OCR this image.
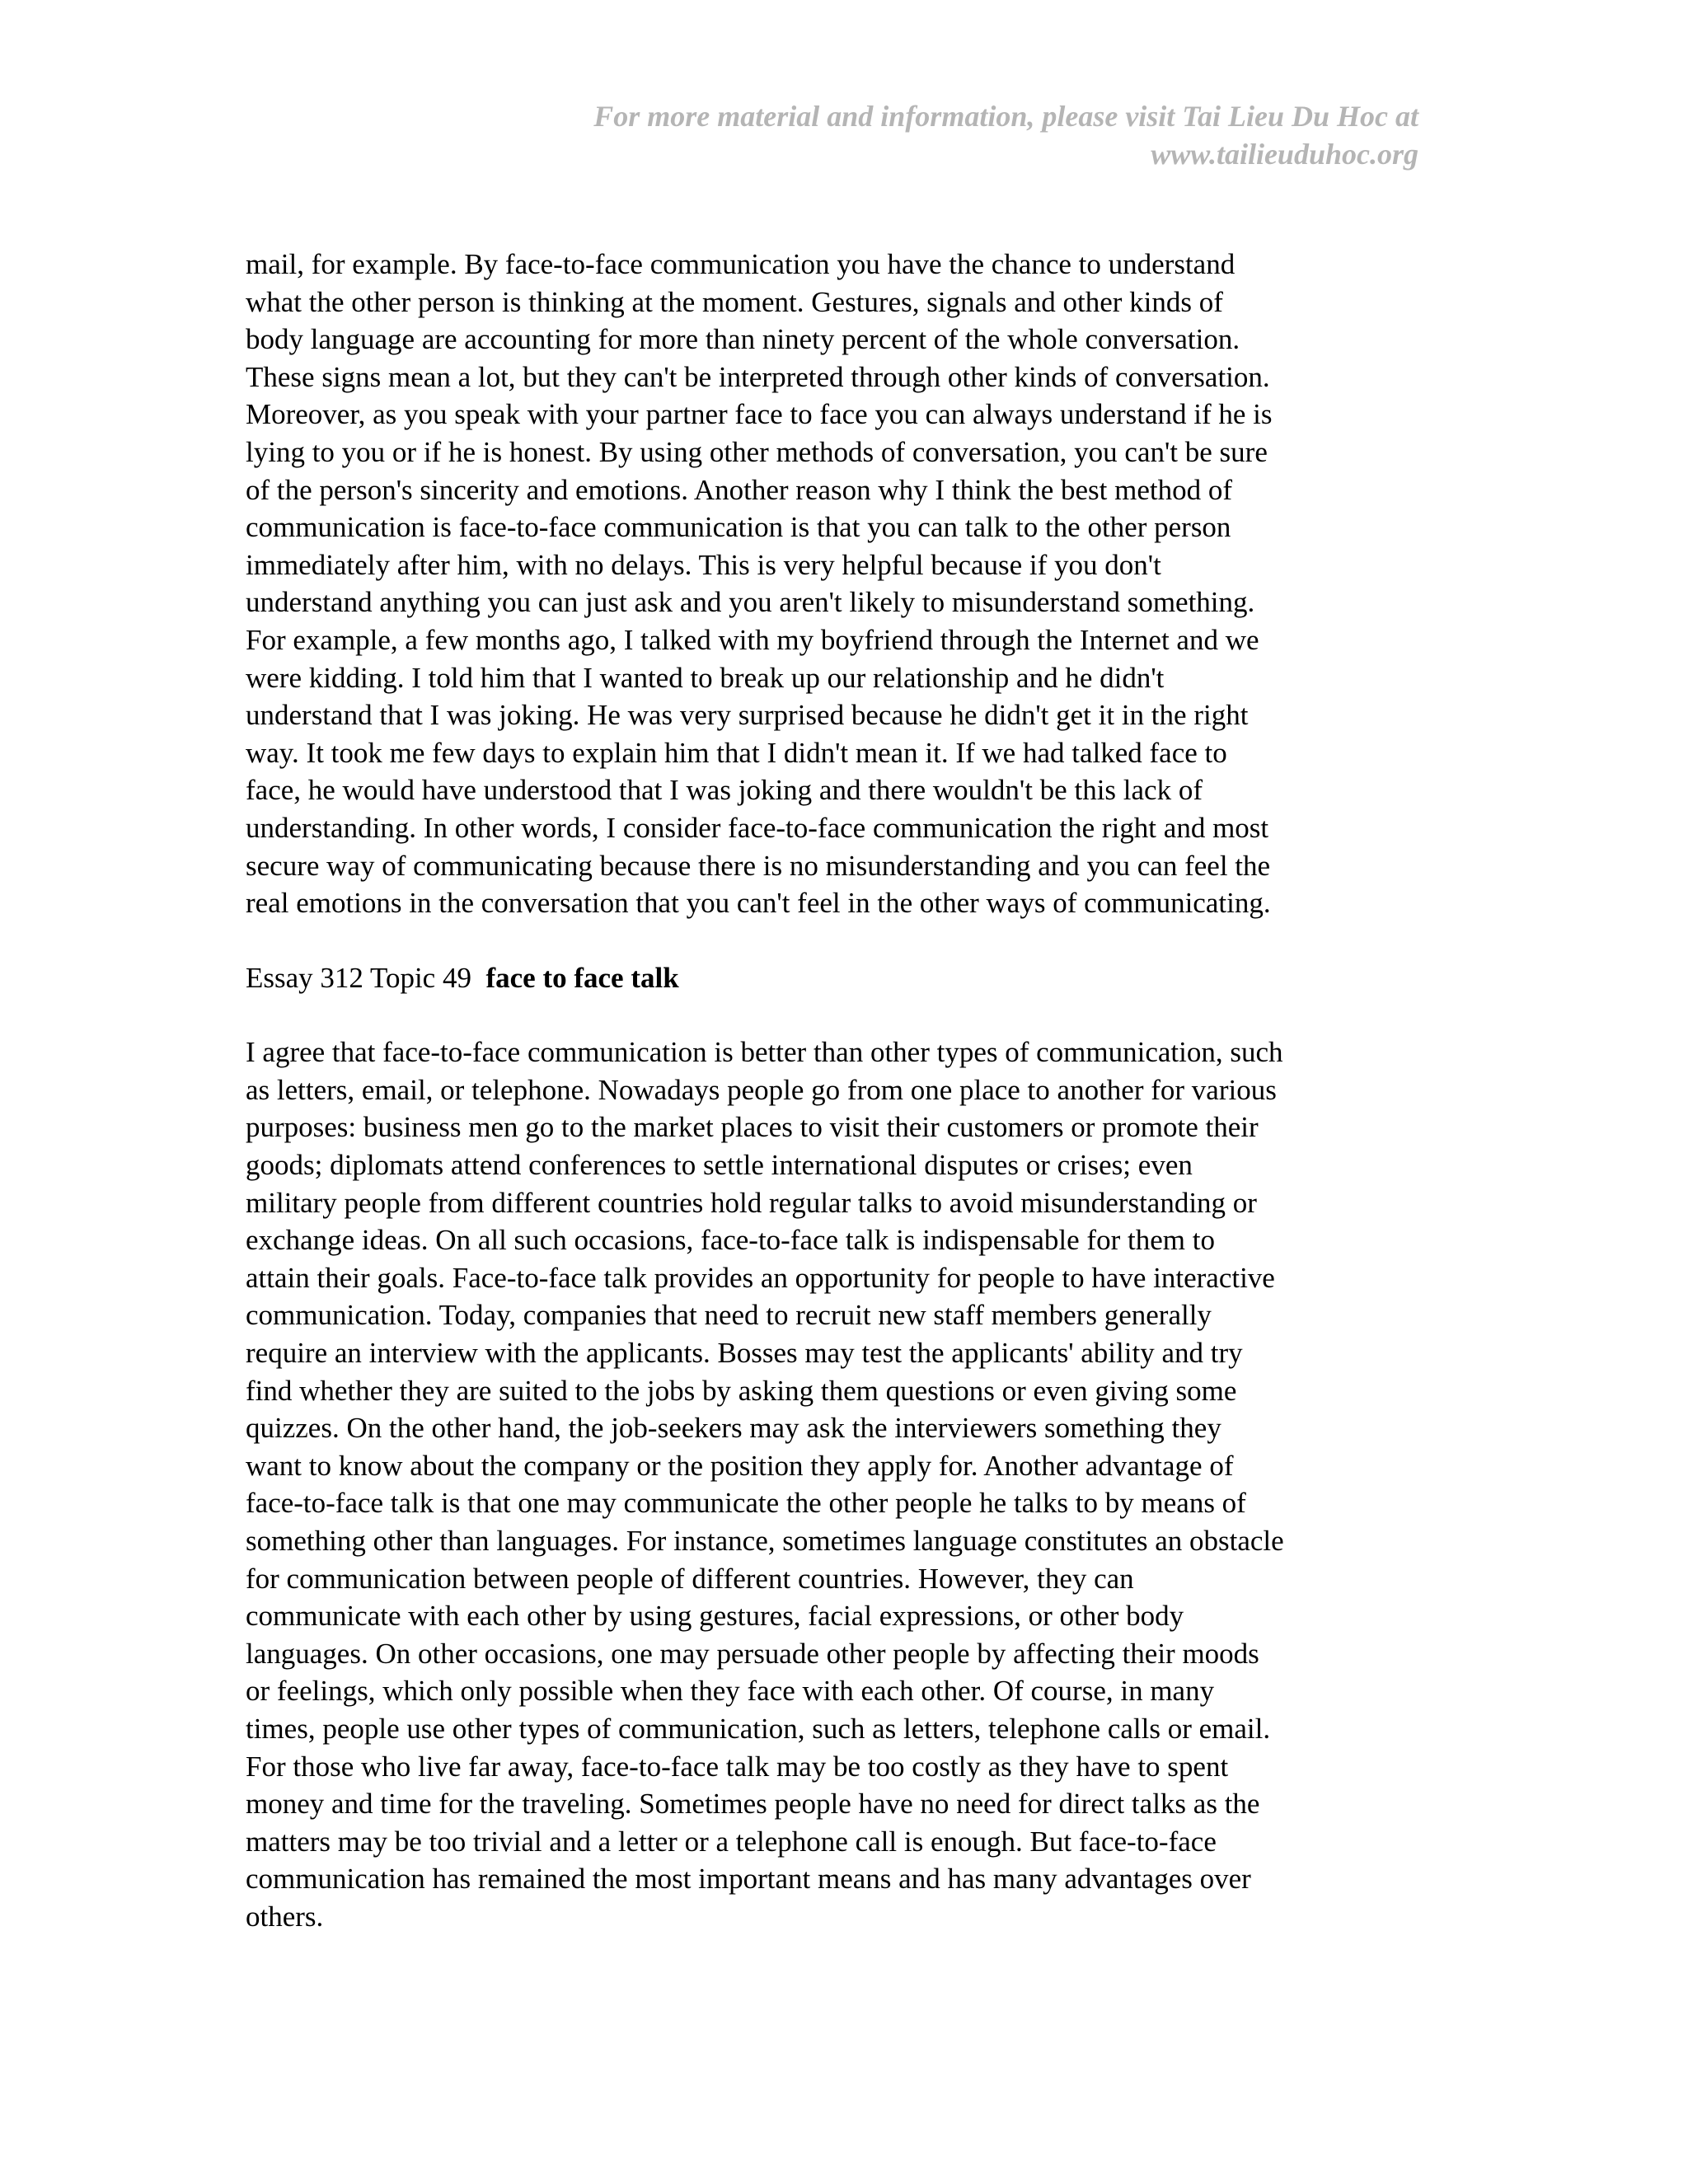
For more material and information, please visit Tai Lieu Du Hoc at
www.tailieuduhoc.org

mail, for example. By face-to-face communication you have the chance to understand
what the other person is thinking at the moment. Gestures, signals and other kinds of
body language are accounting for more than ninety percent of the whole conversation.
These signs mean a lot, but they can't be interpreted through other kinds of conversation.
Moreover, as you speak with your partner face to face you can always understand if he is
lying to you or if he is honest. By using other methods of conversation, you can't be sure
of the person's sincerity and emotions. Another reason why I think the best method of
communication is face-to-face communication is that you can talk to the other person
immediately after him, with no delays. This is very helpful because if you don't
understand anything you can just ask and you aren't likely to misunderstand something.
For example, a few months ago, I talked with my boyfriend through the Internet and we
were kidding. I told him that I wanted to break up our relationship and he didn't
understand that I was joking. He was very surprised because he didn't get it in the right
way. It took me few days to explain him that I didn't mean it. If we had talked face to
face, he would have understood that I was joking and there wouldn't be this lack of
understanding. In other words, I consider face-to-face communication the right and most
secure way of communicating because there is no misunderstanding and you can feel the
real emotions in the conversation that you can't feel in the other ways of communicating.

Essay 312 Topic 49 face to face talk

I agree that face-to-face communication is better than other types of communication, such
as letters, email, or telephone. Nowadays people go from one place to another for various
purposes: business men go to the market places to visit their customers or promote their
goods; diplomats attend conferences to settle international disputes or crises; even
military people from different countries hold regular talks to avoid misunderstanding or
exchange ideas. On all such occasions, face-to-face talk is indispensable for them to
attain their goals. Face-to-face talk provides an opportunity for people to have interactive
communication. Today, companies that need to recruit new staff members generally
require an interview with the applicants. Bosses may test the applicants' ability and try
find whether they are suited to the jobs by asking them questions or even giving some
quizzes. On the other hand, the job-seekers may ask the interviewers something they
want to know about the company or the position they apply for. Another advantage of
face-to-face talk is that one may communicate the other people he talks to by means of
something other than languages. For instance, sometimes language constitutes an obstacle
for communication between people of different countries. However, they can
communicate with each other by using gestures, facial expressions, or other body
languages. On other occasions, one may persuade other people by affecting their moods
or feelings, which only possible when they face with each other. Of course, in many
times, people use other types of communication, such as letters, telephone calls or email.
For those who live far away, face-to-face talk may be too costly as they have to spent
money and time for the traveling. Sometimes people have no need for direct talks as the
matters may be too trivial and a letter or a telephone call is enough. But face-to-face
communication has remained the most important means and has many advantages over
others.
